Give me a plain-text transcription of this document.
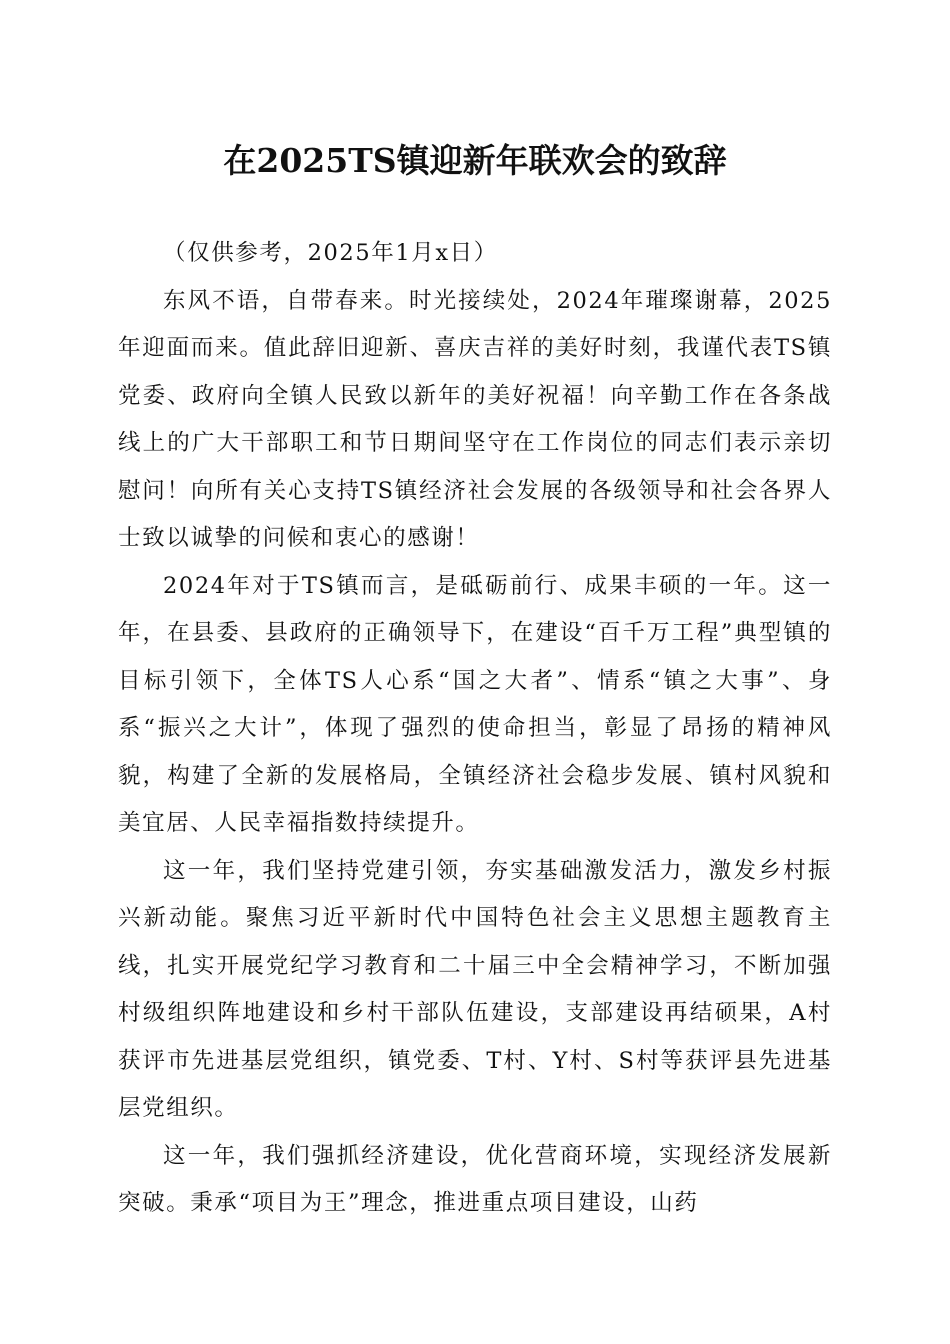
在2025TS镇迎新年联欢会的致辞

（仅供参考，2025年1月x日）

东风不语，自带春来。时光接续处，2024年璀璨谢幕，2025年迎面而来。值此辞旧迎新、喜庆吉祥的美好时刻，我谨代表TS镇党委、政府向全镇人民致以新年的美好祝福！向辛勤工作在各条战线上的广大干部职工和节日期间坚守在工作岗位的同志们表示亲切慰问！向所有关心支持TS镇经济社会发展的各级领导和社会各界人士致以诚挚的问候和衷心的感谢！

2024年对于TS镇而言，是砥砺前行、成果丰硕的一年。这一年，在县委、县政府的正确领导下，在建设“百千万工程”典型镇的目标引领下，全体TS人心系“国之大者”、情系“镇之大事”、身系“振兴之大计”，体现了强烈的使命担当，彰显了昂扬的精神风貌，构建了全新的发展格局，全镇经济社会稳步发展、镇村风貌和美宜居、人民幸福指数持续提升。

这一年，我们坚持党建引领，夯实基础激发活力，激发乡村振兴新动能。聚焦习近平新时代中国特色社会主义思想主题教育主线，扎实开展党纪学习教育和二十届三中全会精神学习，不断加强村级组织阵地建设和乡村干部队伍建设，支部建设再结硕果，A村获评市先进基层党组织，镇党委、T村、Y村、S村等获评县先进基层党组织。

这一年，我们强抓经济建设，优化营商环境，实现经济发展新突破。秉承“项目为王”理念，推进重点项目建设，山药
